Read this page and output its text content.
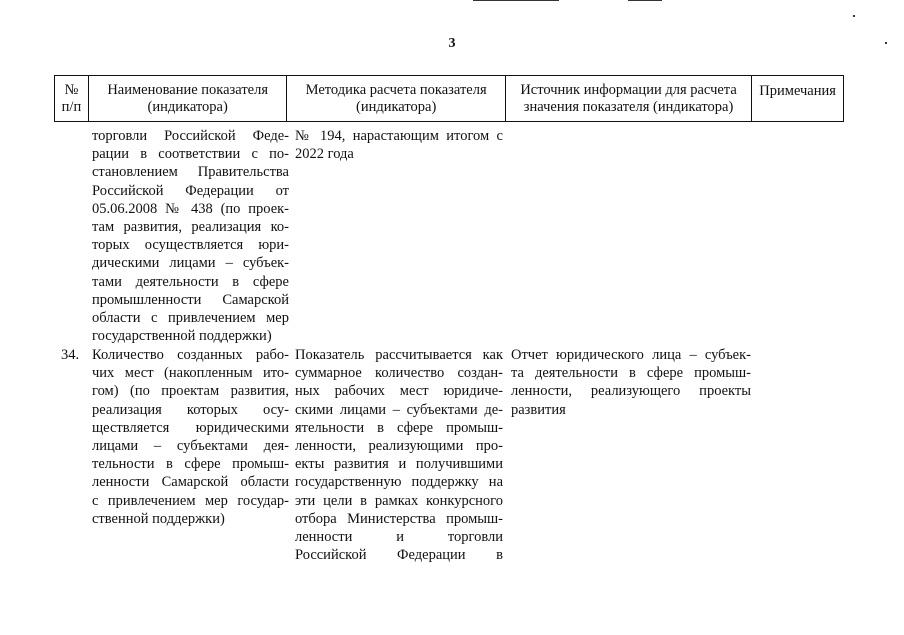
3
№
п/п
Наименование показателя
(индикатора)
Методика расчета показателя
(индикатора)
Источник информации для расчета
значения показателя (индикатора)
Примечания
торговли Российской Феде-
рации в соответствии с по-
становлением Правительства
Российской Федерации от
05.06.2008 № 438 (по проек-
там развития, реализация ко-
торых осуществляется юри-
дическими лицами – субъек-
тами деятельности в сфере
промышленности Самарской
области с привлечением мер
государственной поддержки)
№ 194, нарастающим итогом с
2022 года
34. Количество созданных рабо-
чих мест (накопленным ито-
гом) (по проектам развития,
реализация которых осу-
ществляется юридическими
лицами – субъектами дея-
тельности в сфере промыш-
ленности Самарской области
с привлечением мер государ-
ственной поддержки)
Показатель рассчитывается как
суммарное количество создан-
ных рабочих мест юридиче-
скими лицами – субъектами де-
ятельности в сфере промыш-
ленности, реализующими про-
екты развития и получившими
государственную поддержку на
эти цели в рамках конкурсного
отбора Министерства промыш-
ленности и торговли
Российской Федерации в
Отчет юридического лица – субъек-
та деятельности в сфере промыш-
ленности, реализующего проекты
развития
